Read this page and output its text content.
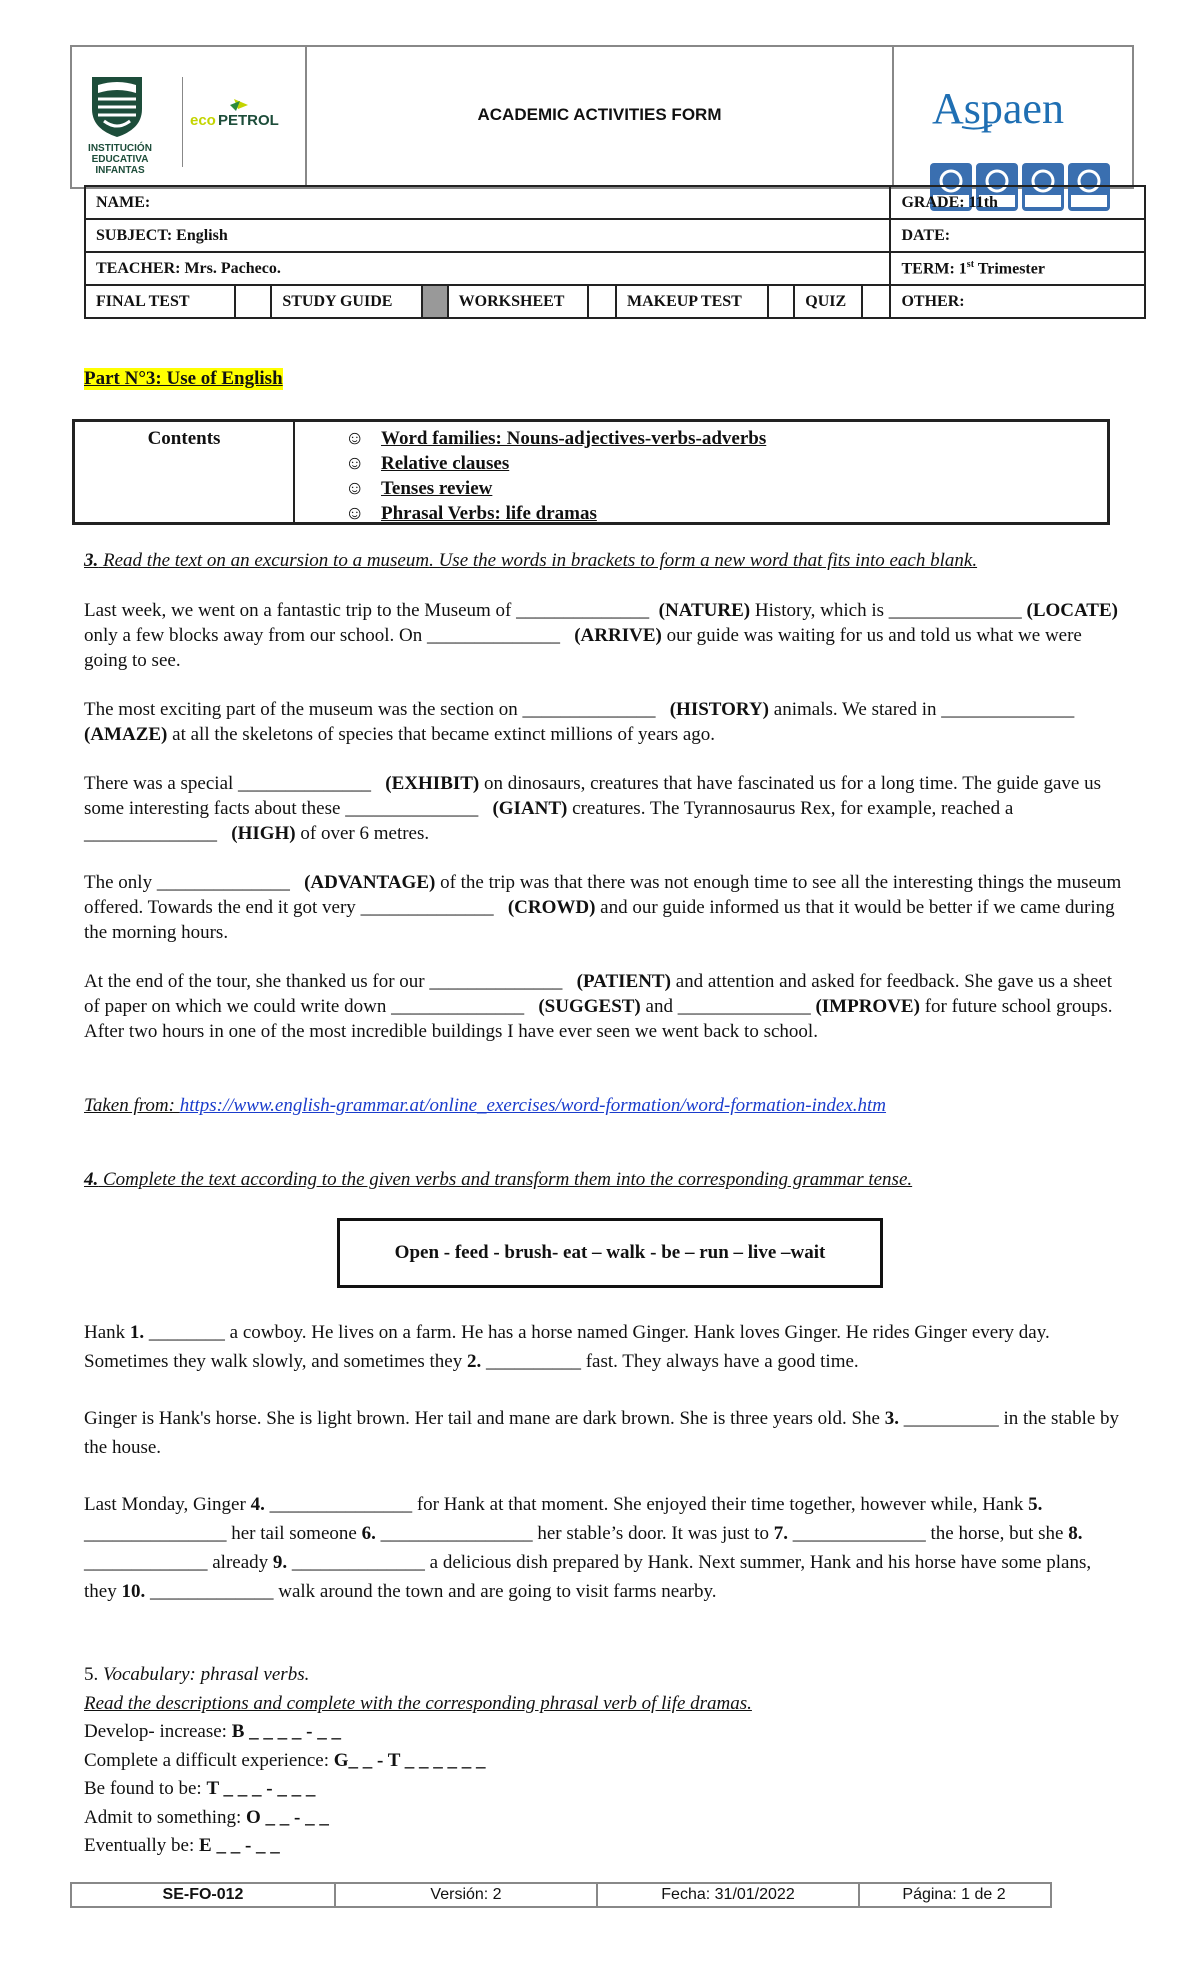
INSTITUCIÓN EDUCATIVA INFANTAS
eco PETROL	ACADEMIC ACTIVITIES FORM	Aspaen
NAME:										GRADE: 11th
SUBJECT: English										DATE:
TEACHER: Mrs. Pacheco.										TERM: 1st Trimester
FINAL TEST		STUDY GUIDE		WORKSHEET		MAKEUP TEST		QUIZ		OTHER:
Part N°3: Use of English
Contents	☺ Word families: Nouns-adjectives-verbs-adverbs
☺ Relative clauses
☺ Tenses review
☺ Phrasal Verbs: life dramas

3. Read the text on an excursion to a museum. Use the words in brackets to form a new word that fits into each blank.

Last week, we went on a fantastic trip to the Museum of ______________ (NATURE) History, which is ______________ (LOCATE) only a few blocks away from our school. On ______________ (ARRIVE) our guide was waiting for us and told us what we were going to see.

The most exciting part of the museum was the section on ______________ (HISTORY) animals. We stared in ______________   (AMAZE) at all the skeletons of species that became extinct millions of years ago.

There was a special ______________ (EXHIBIT) on dinosaurs, creatures that have fascinated us for a long time. The guide gave us some interesting facts about these ______________ (GIANT) creatures. The Tyrannosaurus Rex, for example, reached a ______________ (HIGH) of over 6 metres.

The only ______________ (ADVANTAGE) of the trip was that there was not enough time to see all the interesting things the museum offered. Towards the end it got very ______________ (CROWD) and our guide informed us that it would be better if we came during the morning hours.

At the end of the tour, she thanked us for our ______________ (PATIENT) and attention and asked for feedback. She gave us a sheet of paper on which we could write down ______________ (SUGGEST) and ______________ (IMPROVE) for future school groups. After two hours in one of the most incredible buildings I have ever seen we went back to school.

Taken from: https://www.english-grammar.at/online_exercises/word-formation/word-formation-index.htm

4. Complete the text according to the given verbs and transform them into the corresponding grammar tense.

Open - feed - brush- eat – walk - be – run – live –wait

Hank 1. ________ a cowboy. He lives on a farm. He has a horse named Ginger. Hank loves Ginger. He rides Ginger every day. Sometimes they walk slowly, and sometimes they 2. __________ fast. They always have a good time.

Ginger is Hank's horse. She is light brown. Her tail and mane are dark brown. She is three years old. She 3. __________ in the stable by the house.

Last Monday, Ginger 4. _______________ for Hank at that moment. She enjoyed their time together, however while, Hank 5. _______________ her tail someone 6. ________________ her stable’s door. It was just to 7. ______________ the horse, but she 8. _____________ already 9. ______________ a delicious dish prepared by Hank. Next summer, Hank and his horse have some plans, they 10. _____________ walk around the town and are going to visit farms nearby.

5. Vocabulary: phrasal verbs.
Read the descriptions and complete with the corresponding phrasal verb of life dramas.
Develop- increase: B _ _ _ _ - _ _
Complete a difficult experience: G_ _ - T _ _ _ _ _ _
Be found to be: T _ _ _ - _ _ _
Admit to something: O _ _ - _ _
Eventually be: E _ _ - _ _
SE-FO-012	Versión: 2	Fecha: 31/01/2022	Página: 1 de 2
